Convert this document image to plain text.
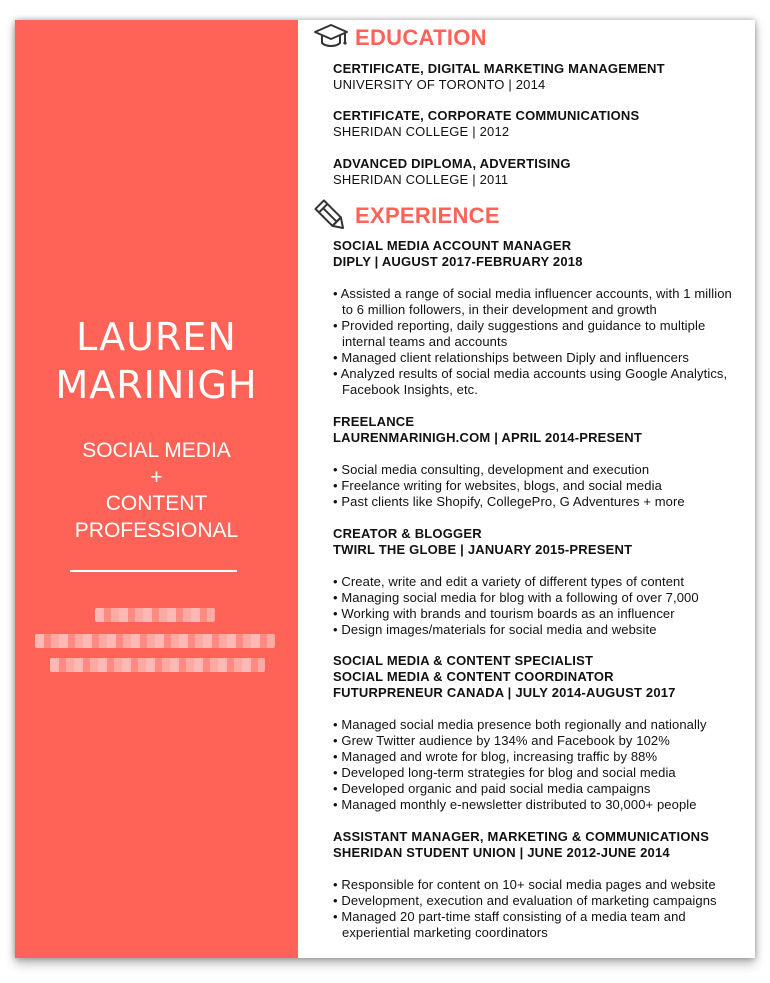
LAUREN
MARINIGH
SOCIAL MEDIA
+
CONTENT
PROFESSIONAL
EDUCATION
CERTIFICATE, DIGITAL MARKETING MANAGEMENT
UNIVERSITY OF TORONTO | 2014
CERTIFICATE, CORPORATE COMMUNICATIONS
SHERIDAN COLLEGE | 2012
ADVANCED DIPLOMA, ADVERTISING
SHERIDAN COLLEGE | 2011
EXPERIENCE
SOCIAL MEDIA ACCOUNT MANAGER
DIPLY | AUGUST 2017-FEBRUARY 2018
• Assisted a range of social media influencer accounts, with 1 million to 6 million followers, in their development and growth
• Provided reporting, daily suggestions and guidance to multiple internal teams and accounts
• Managed client relationships between Diply and influencers
• Analyzed results of social media accounts using Google Analytics, Facebook Insights, etc.
FREELANCE
LAURENMARINIGH.COM | APRIL 2014-PRESENT
• Social media consulting, development and execution
• Freelance writing for websites, blogs, and social media
• Past clients like Shopify, CollegePro, G Adventures + more
CREATOR & BLOGGER
TWIRL THE GLOBE | JANUARY 2015-PRESENT
• Create, write and edit a variety of different types of content
• Managing social media for blog with a following of over 7,000
• Working with brands and tourism boards as an influencer
• Design images/materials for social media and website
SOCIAL MEDIA & CONTENT SPECIALIST
SOCIAL MEDIA & CONTENT COORDINATOR
FUTURPRENEUR CANADA | JULY 2014-AUGUST 2017
• Managed social media presence both regionally and nationally
• Grew Twitter audience by 134% and Facebook by 102%
• Managed and wrote for blog, increasing traffic by 88%
• Developed long-term strategies for blog and social media
• Developed organic and paid social media campaigns
• Managed monthly e-newsletter distributed to 30,000+ people
ASSISTANT MANAGER, MARKETING & COMMUNICATIONS
SHERIDAN STUDENT UNION | JUNE 2012-JUNE 2014
• Responsible for content on 10+ social media pages and website
• Development, execution and evaluation of marketing campaigns
• Managed 20 part-time staff consisting of a media team and experiential marketing coordinators
